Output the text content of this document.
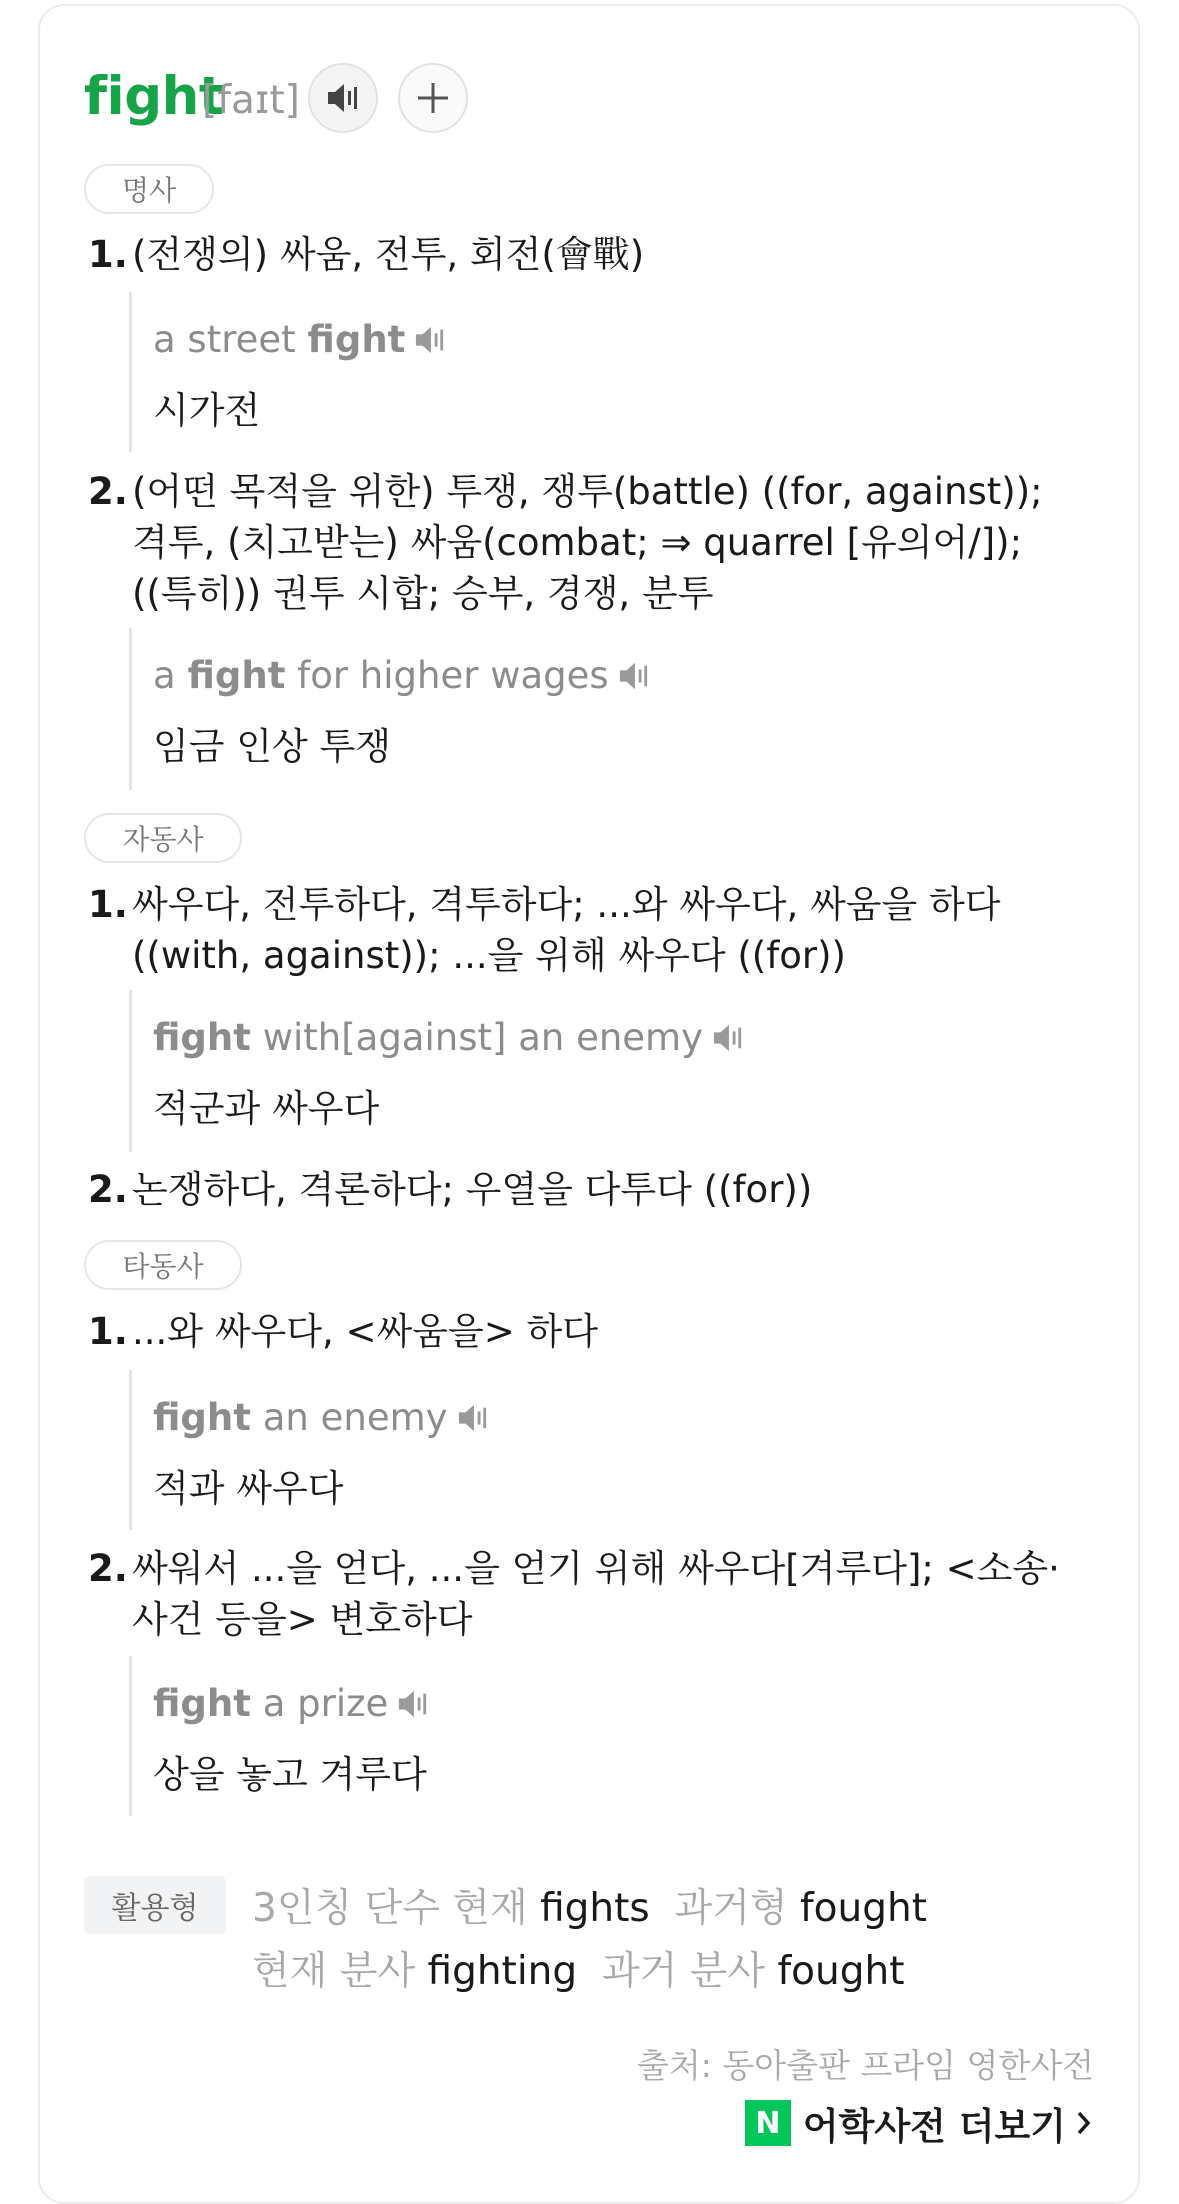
fight
[faɪt]
명사
1. (전쟁의) 싸움, 전투, 회전(會戰)
a street
fight
시가전
2. (어떤 목적을 위한) 투쟁, 쟁투(battle) ((for, against));
격투, (치고받는) 싸움(combat; ⇒ quarrel [유의어/]);
((특히)) 권투 시합; 승부, 경쟁, 분투
a
fight for higher wages
임금 인상 투쟁
자동사
1. 싸우다, 전투하다, 격투하다; ...와 싸우다, 싸움을 하다
((with, against)); ...을 위해 싸우다 ((for))
fight with[against] an enemy
적군과 싸우다
2. 논쟁하다, 격론하다; 우열을 다투다 ((for))
타동사
1. ...와 싸우다, <싸움을> 하다
fight an enemy
적과 싸우다
2. 싸워서 ...을 얻다, ...을 얻기 위해 싸우다[겨루다]; <소송·
사건 등을> 변호하다
fight a prize
상을 놓고 겨루다
활용형	3인칭 단수 현재 fights 과거형 fought
현재 분사 fighting 과거 분사 fought
출처: 동아출판 프라임 영한사전
N 어학사전 더보기
